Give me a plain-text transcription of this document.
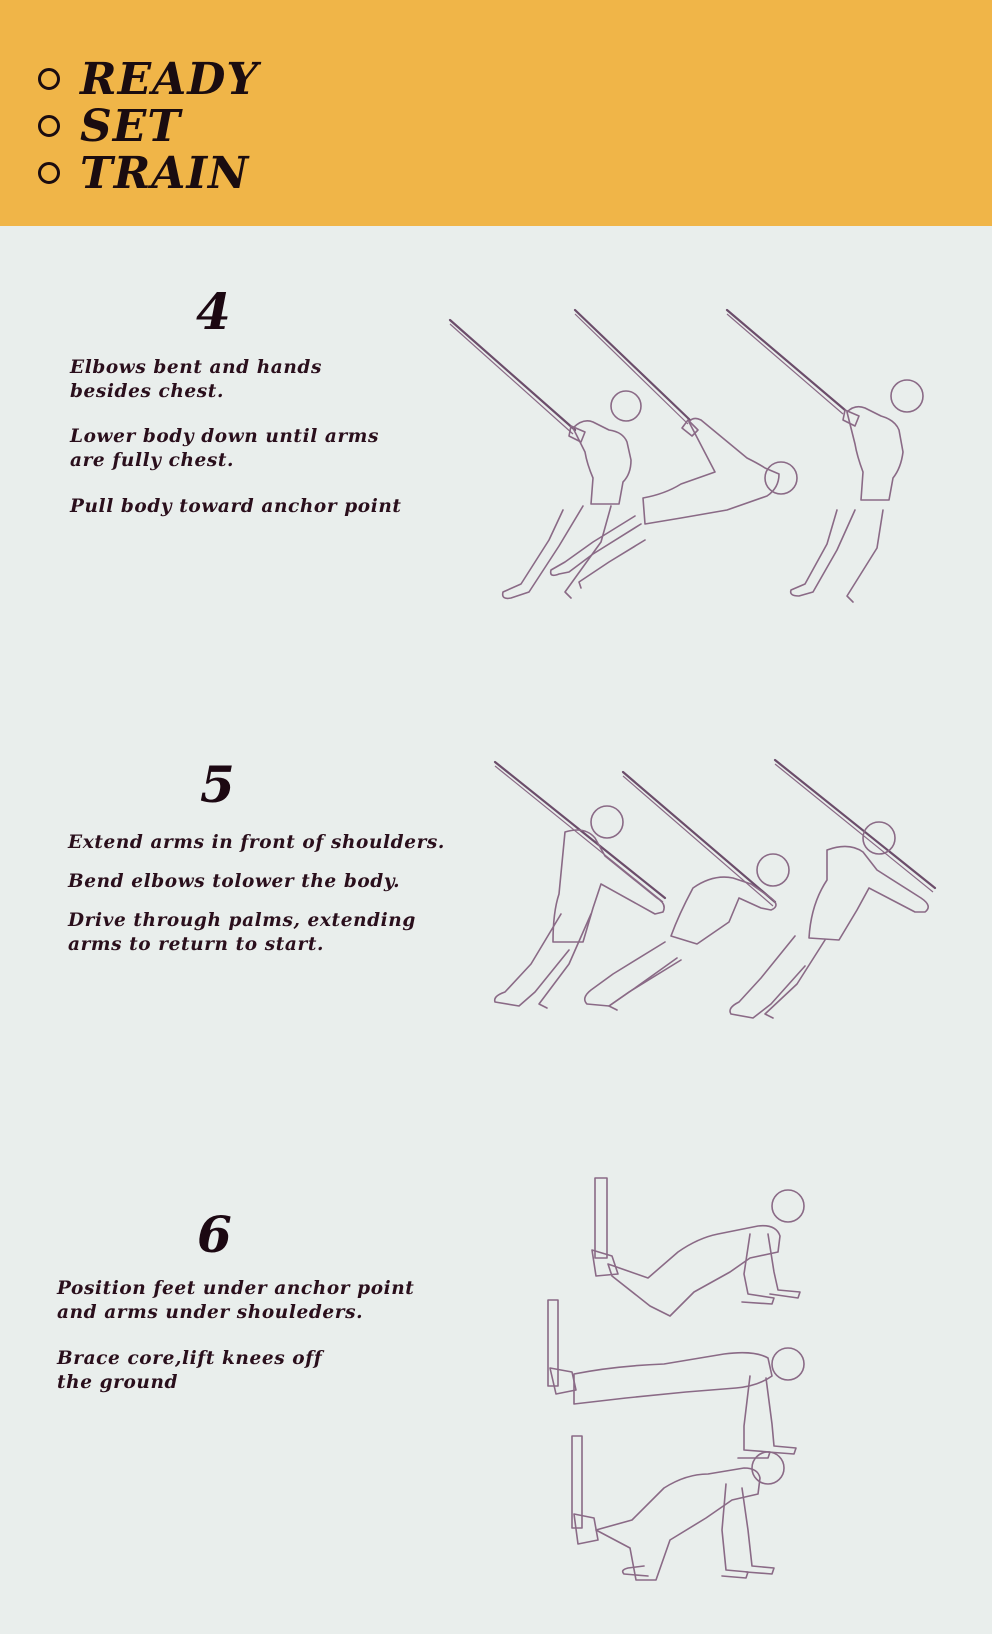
READY
SET
TRAIN
4

Elbows bent and hands
besides chest.

Lower body down until arms
are fully chest.

Pull body toward anchor point

5

Extend arms in front of shoulders.

Bend elbows tolower the body.

Drive through palms, extending
arms to return to start.

6

Position feet under anchor point
and arms under shouleders.

Brace core,lift knees off
the ground
